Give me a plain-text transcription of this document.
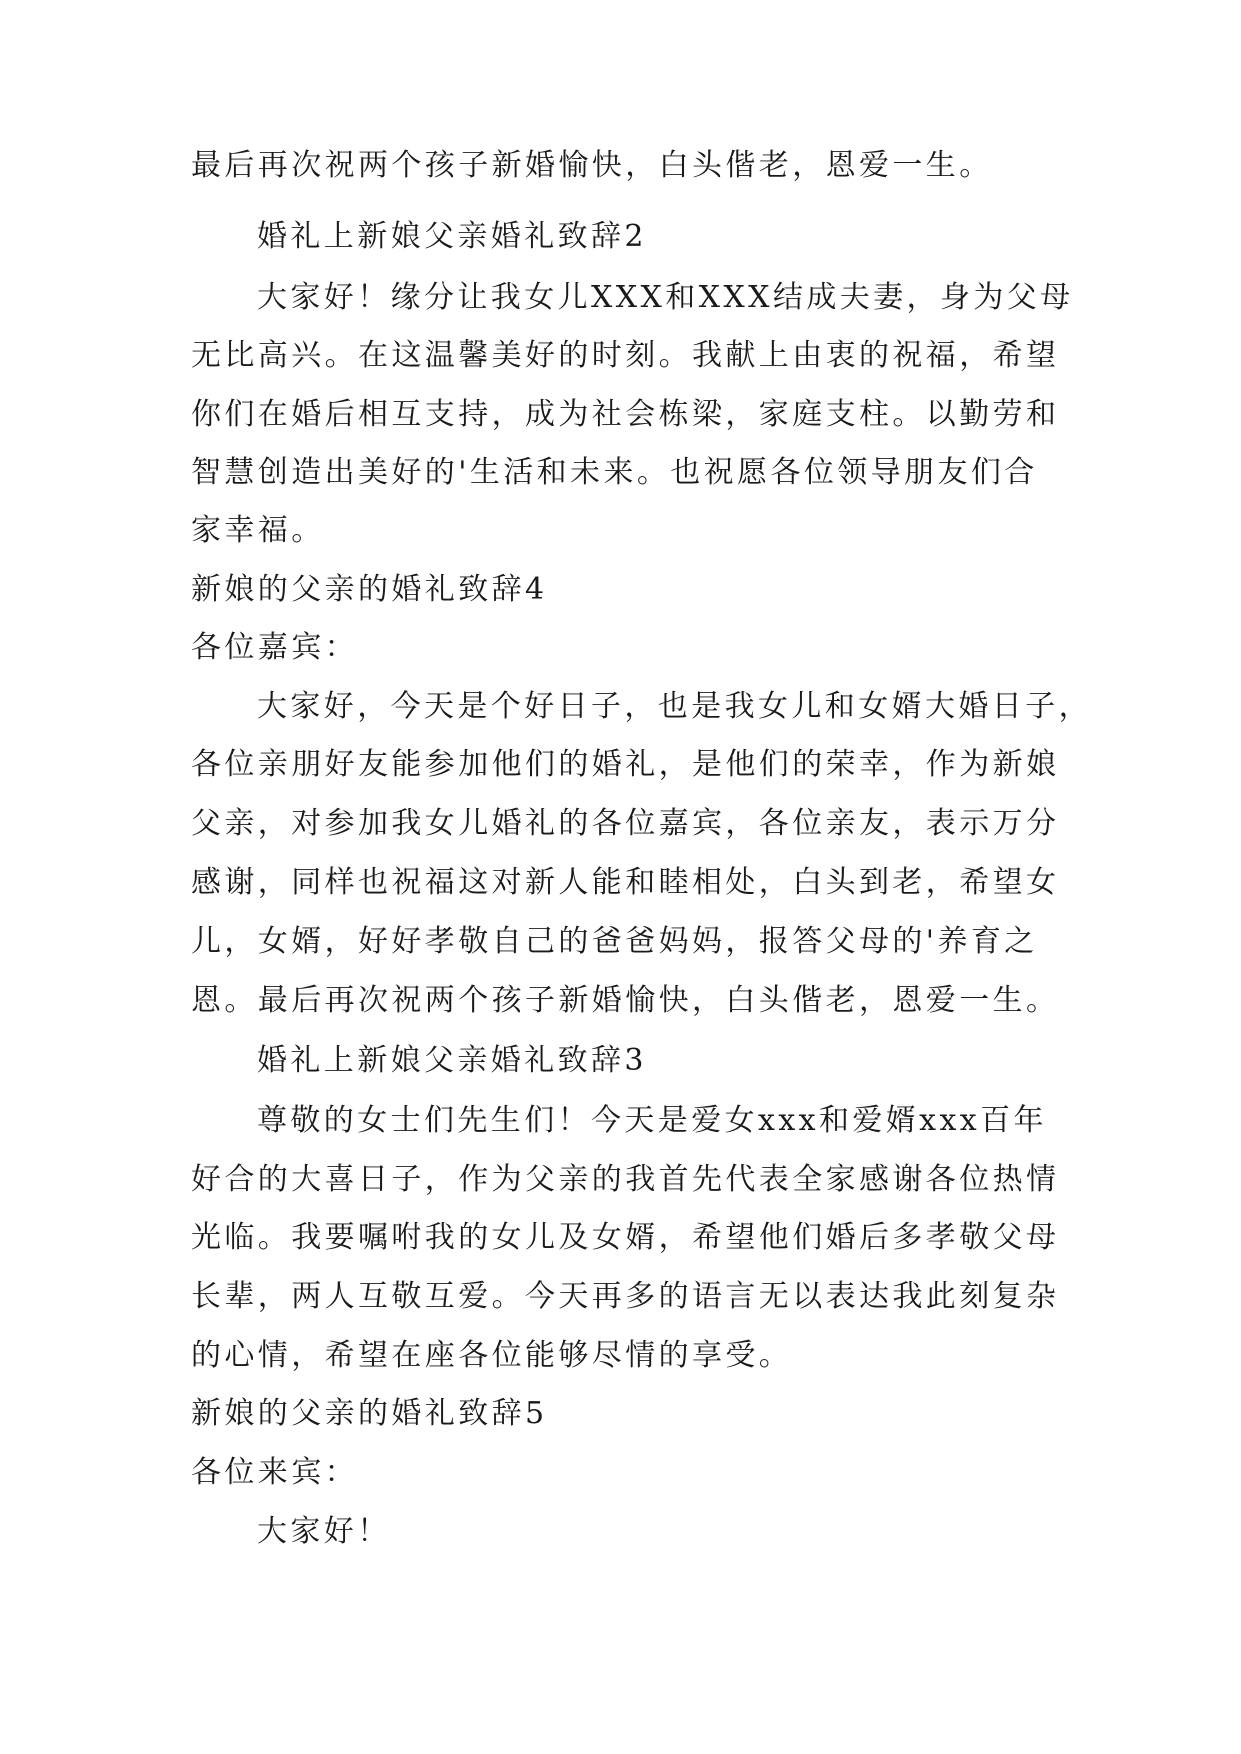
最后再次祝两个孩子新婚愉快，白头偕老，恩爱一生。
婚礼上新娘父亲婚礼致辞2
大家好！缘分让我女儿XXX和XXX结成夫妻，身为父母
无比高兴。在这温馨美好的时刻。我献上由衷的祝福，希望
你们在婚后相互支持，成为社会栋梁，家庭支柱。以勤劳和
智慧创造出美好的'生活和未来。也祝愿各位领导朋友们合
家幸福。
新娘的父亲的婚礼致辞4
各位嘉宾：
大家好，今天是个好日子，也是我女儿和女婿大婚日子，
各位亲朋好友能参加他们的婚礼，是他们的荣幸，作为新娘
父亲，对参加我女儿婚礼的各位嘉宾，各位亲友，表示万分
感谢，同样也祝福这对新人能和睦相处，白头到老，希望女
儿，女婿，好好孝敬自己的爸爸妈妈，报答父母的'养育之
恩。最后再次祝两个孩子新婚愉快，白头偕老，恩爱一生。
婚礼上新娘父亲婚礼致辞3
尊敬的女士们先生们！今天是爱女xxx和爱婿xxx百年
好合的大喜日子，作为父亲的我首先代表全家感谢各位热情
光临。我要嘱咐我的女儿及女婿，希望他们婚后多孝敬父母
长辈，两人互敬互爱。今天再多的语言无以表达我此刻复杂
的心情，希望在座各位能够尽情的享受。
新娘的父亲的婚礼致辞5
各位来宾：
大家好！
